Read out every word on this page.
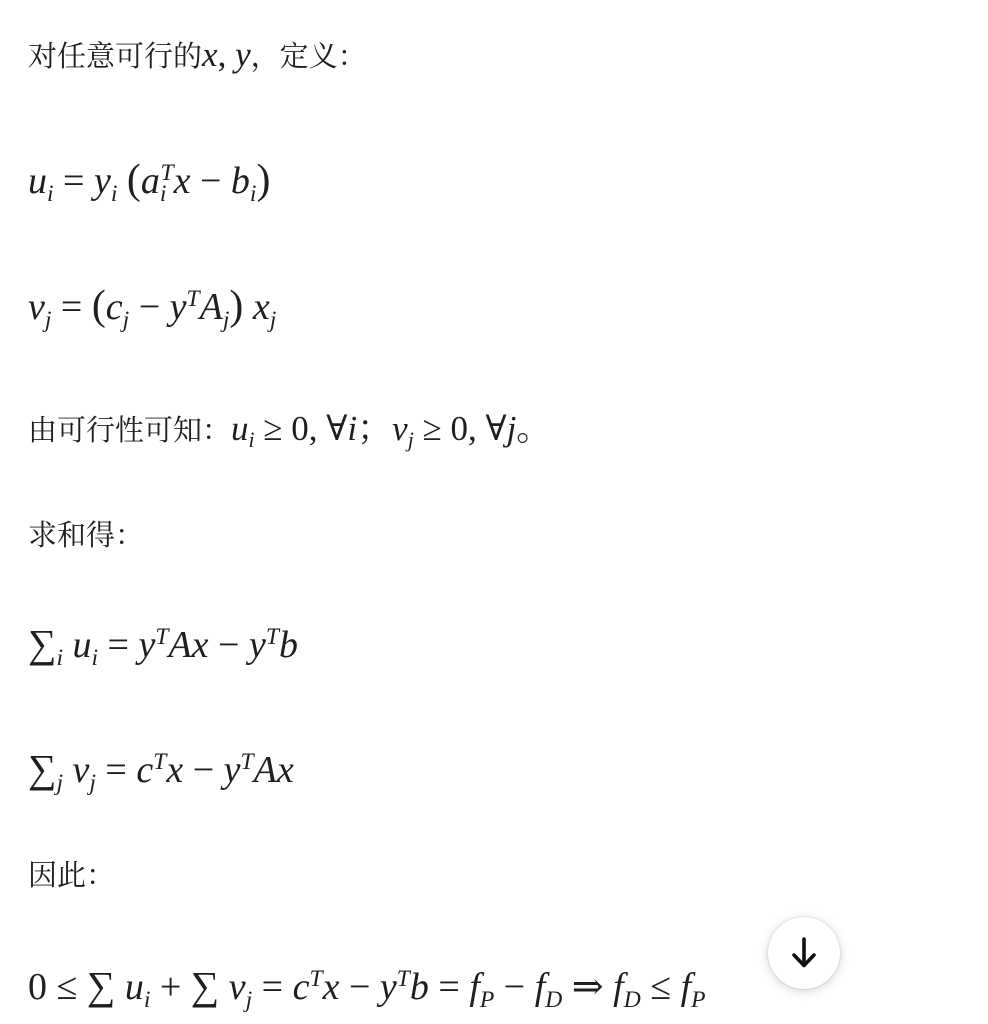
对任意可行的x, y，定义：
ui = yi $(ai^Tx - bi)$
vj = $(cj - y^TAj)$ xj
由可行性可知：ui ≥ 0, ∀i；vj ≥ 0, ∀j。
求和得：
∑i ui = $y^TAx - y^Tb$
∑j vj = $c^Tx - y^TAx$
因此：
0 ≤ ∑ ui + ∑ vj = $c^Tx - y^Tb$ = fP − fD ⇒ fD ≤ fP
